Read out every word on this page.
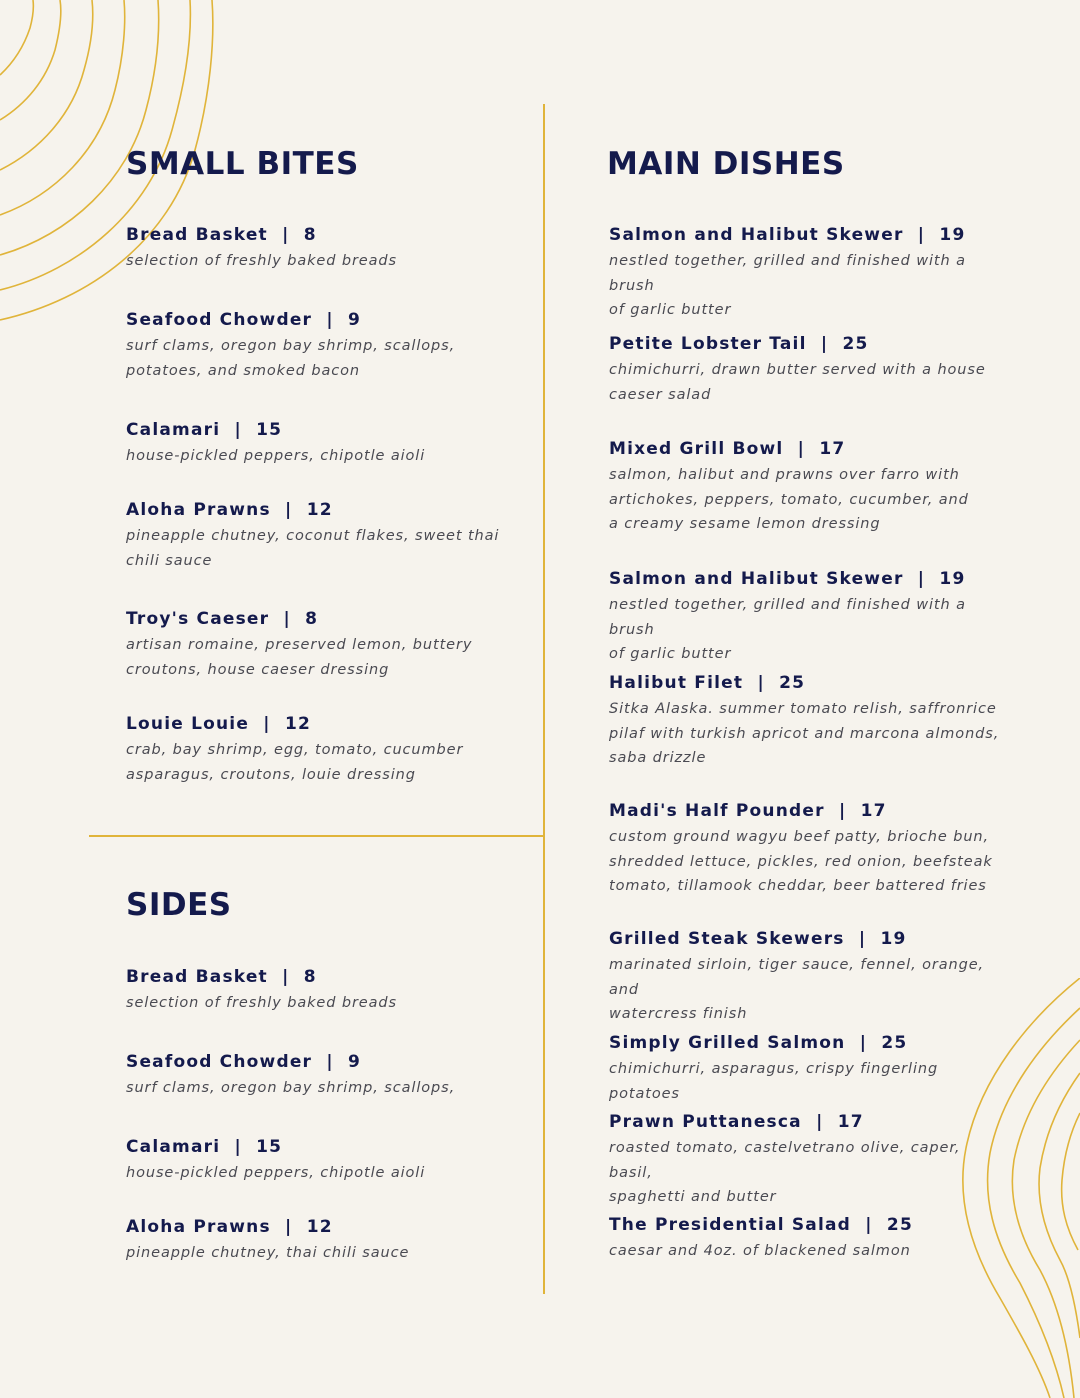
SMALL BITES
Bread Basket  |  8
selection of freshly baked breads
Seafood Chowder  |  9
surf clams, oregon bay shrimp, scallops,
potatoes, and smoked bacon
Calamari  |  15
house-pickled peppers, chipotle aioli
Aloha Prawns  |  12
pineapple chutney, coconut flakes, sweet thai
chili sauce
Troy's Caeser  |  8
artisan romaine, preserved lemon, buttery
croutons, house caeser dressing
Louie Louie  |  12
crab, bay shrimp, egg, tomato, cucumber
asparagus, croutons, louie dressing
SIDES
Bread Basket  |  8
selection of freshly baked breads
Seafood Chowder  |  9
surf clams, oregon bay shrimp, scallops,
Calamari  |  15
house-pickled peppers, chipotle aioli
Aloha Prawns  |  12
pineapple chutney, thai chili sauce
MAIN DISHES
Salmon and Halibut Skewer  |  19
nestled together, grilled and finished with a brush
of garlic butter
Petite Lobster Tail  |  25
chimichurri, drawn butter served with a house
caeser salad
Mixed Grill Bowl  |  17
salmon, halibut and prawns over farro with
artichokes, peppers, tomato, cucumber, and
a creamy sesame lemon dressing
Salmon and Halibut Skewer  |  19
nestled together, grilled and finished with a brush
of garlic butter
Halibut Filet  |  25
Sitka Alaska. summer tomato relish, saffronrice
pilaf with turkish apricot and marcona almonds,
saba drizzle
Madi's Half Pounder  |  17
custom ground wagyu beef patty, brioche bun,
shredded lettuce, pickles, red onion, beefsteak
tomato, tillamook cheddar, beer battered fries
Grilled Steak Skewers  |  19
marinated sirloin, tiger sauce, fennel, orange, and
watercress finish
Simply Grilled Salmon  |  25
chimichurri, asparagus, crispy fingerling potatoes
Prawn Puttanesca  |  17
roasted tomato, castelvetrano olive, caper, basil,
spaghetti and butter
The Presidential Salad  |  25
caesar and 4oz. of blackened salmon
